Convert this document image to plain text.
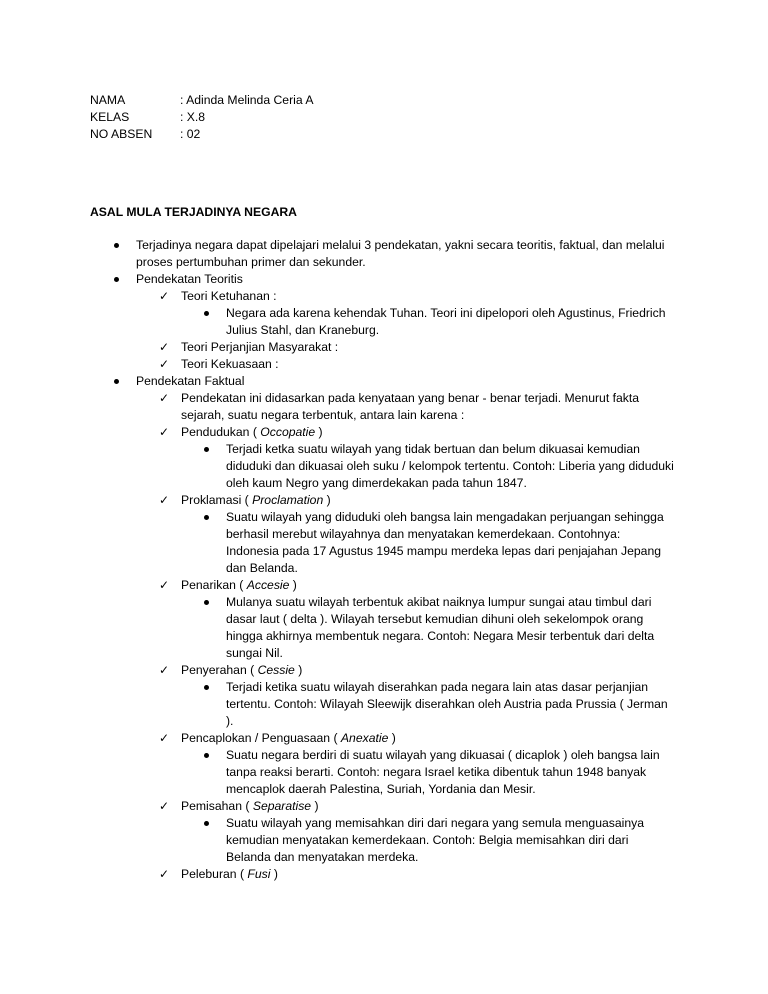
NAMA	: Adinda Melinda Ceria A
KELAS	: X.8
NO ABSEN : 02
ASAL MULA TERJADINYA NEGARA
Terjadinya negara dapat dipelajari melalui 3 pendekatan, yakni secara teoritis, faktual, dan melalui proses pertumbuhan primer dan sekunder.
Pendekatan Teoritis
✓ Teori Ketuhanan :
Negara ada karena kehendak Tuhan. Teori ini dipelopori oleh Agustinus, Friedrich Julius Stahl, dan Kraneburg.
✓ Teori Perjanjian Masyarakat :
✓ Teori Kekuasaan :
Pendekatan Faktual
✓ Pendekatan ini didasarkan pada kenyataan yang benar - benar terjadi. Menurut fakta sejarah, suatu negara terbentuk, antara lain karena :
✓ Pendudukan ( Occopatie )
Terjadi ketka suatu wilayah yang tidak bertuan dan belum dikuasai kemudian diduduki dan dikuasai oleh suku / kelompok tertentu. Contoh: Liberia yang diduduki oleh kaum Negro yang dimerdekakan pada tahun 1847.
✓ Proklamasi ( Proclamation )
Suatu wilayah yang diduduki oleh bangsa lain mengadakan perjuangan sehingga berhasil merebut wilayahnya dan menyatakan kemerdekaan. Contohnya: Indonesia pada 17 Agustus 1945 mampu merdeka lepas dari penjajahan Jepang dan Belanda.
✓ Penarikan ( Accesie )
Mulanya suatu wilayah terbentuk akibat naiknya lumpur sungai atau timbul dari dasar laut ( delta ). Wilayah tersebut kemudian dihuni oleh sekelompok orang hingga akhirnya membentuk negara. Contoh: Negara Mesir terbentuk dari delta sungai Nil.
✓ Penyerahan ( Cessie )
Terjadi ketika suatu wilayah diserahkan pada negara lain atas dasar perjanjian tertentu. Contoh: Wilayah Sleewijk diserahkan oleh Austria pada Prussia ( Jerman ).
✓ Pencaplokan / Penguasaan ( Anexatie )
Suatu negara berdiri di suatu wilayah yang dikuasai ( dicaplok ) oleh bangsa lain tanpa reaksi berarti. Contoh: negara Israel ketika dibentuk tahun 1948 banyak mencaplok daerah Palestina, Suriah, Yordania dan Mesir.
✓ Pemisahan ( Separatise )
Suatu wilayah yang memisahkan diri dari negara yang semula menguasainya kemudian menyatakan kemerdekaan. Contoh: Belgia memisahkan diri dari Belanda dan menyatakan merdeka.
✓ Peleburan ( Fusi )
